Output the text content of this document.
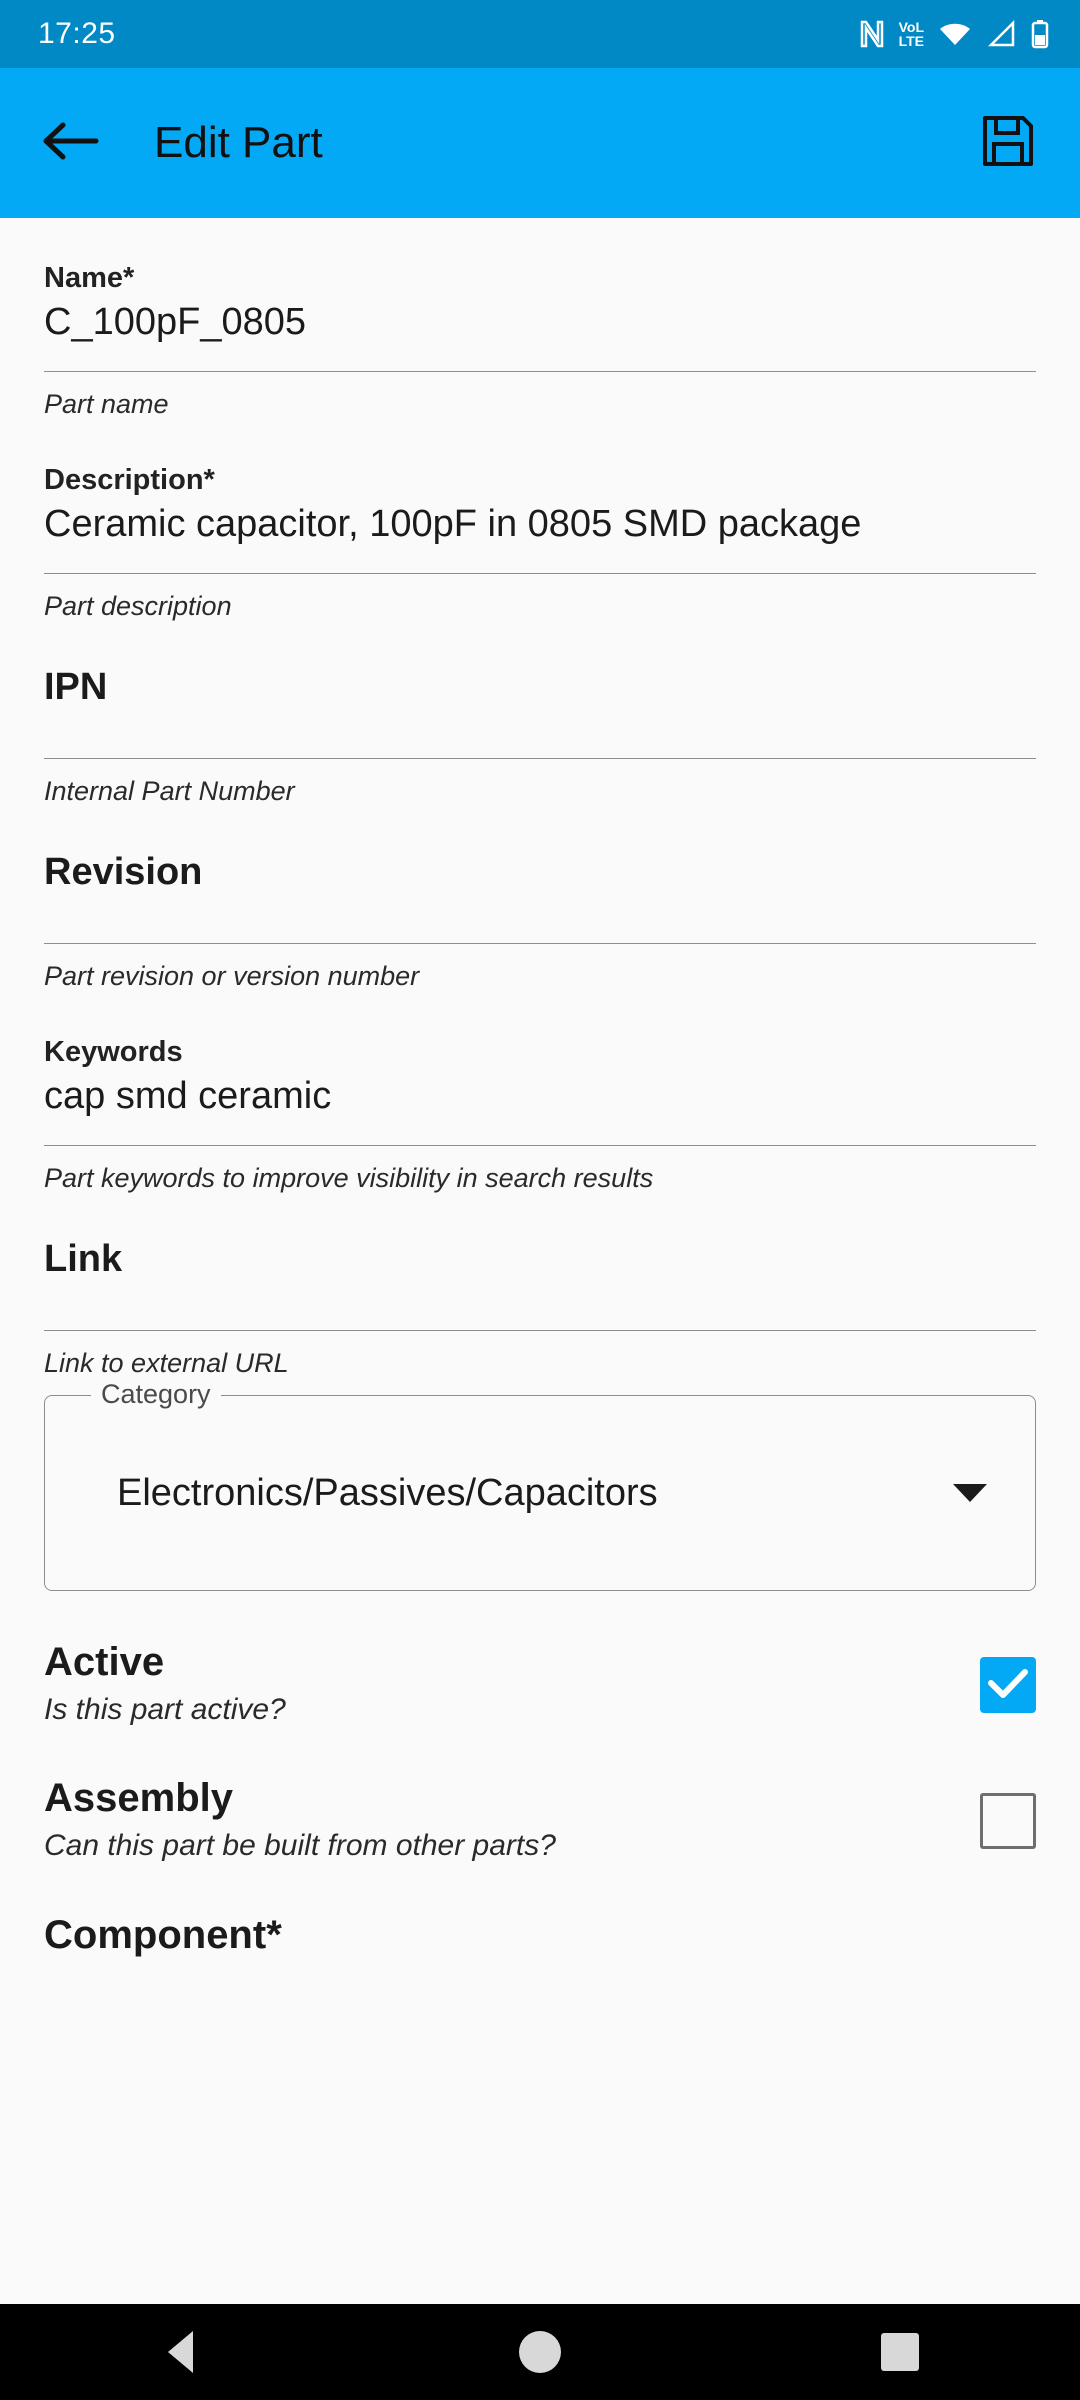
17:25	VoL
LTE
Edit Part
Name*
C_100pF_0805
Part name
Description*
Ceramic capacitor, 100pF in 0805 SMD package
Part description
IPN
Internal Part Number
Revision
Part revision or version number
Keywords
cap smd ceramic
Part keywords to improve visibility in search results
Link
Link to external URL
Category
Electronics/Passives/Capacitors
Active
Is this part active?
Assembly
Can this part be built from other parts?
Component*
